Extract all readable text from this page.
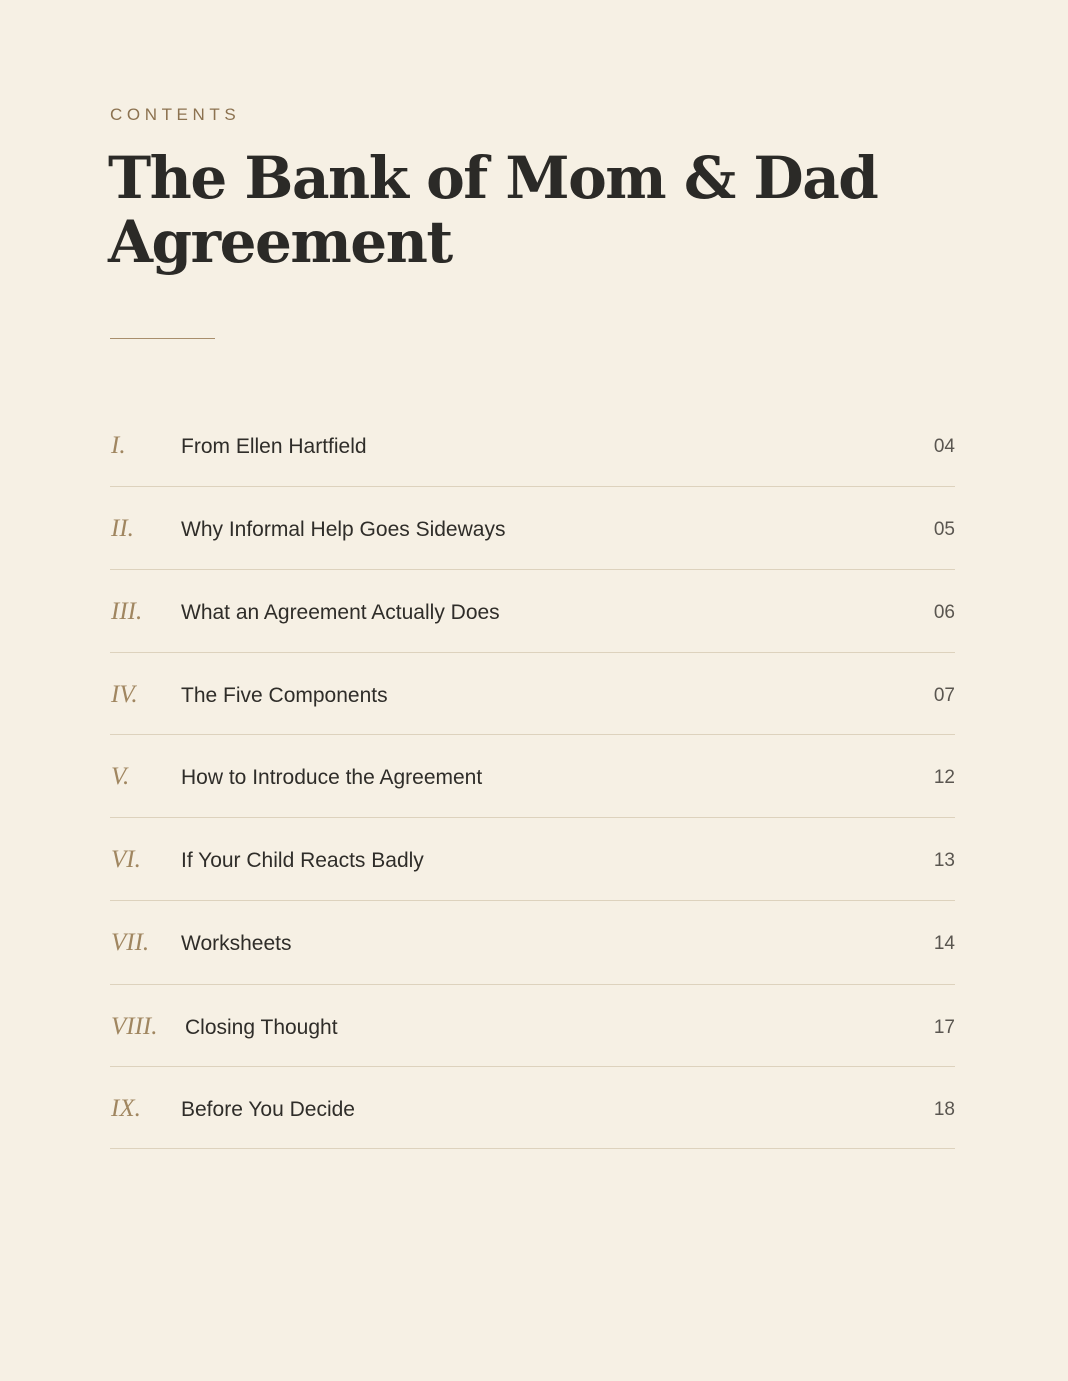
CONTENTS
The Bank of Mom & Dad Agreement
I.	From Ellen Hartfield	04
II. Why Informal Help Goes Sideways	05
III. What an Agreement Actually Does	06
IV. The Five Components	07
V. How to Introduce the Agreement	12
VI. If Your Child Reacts Badly	13
VII. Worksheets	14
VIII. Closing Thought	17
IX. Before You Decide	18
